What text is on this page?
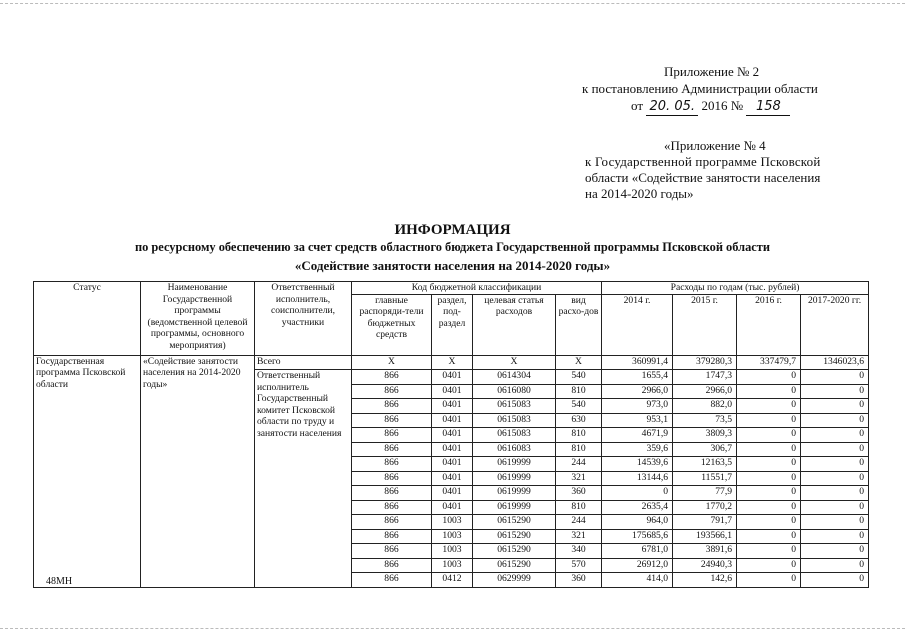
Приложение № 2
к постановлению Администрации области
от 20. 05. 2016 № 158
«Приложение № 4
к Государственной программе Псковской
области «Содействие занятости населения
на 2014-2020 годы»
ИНФОРМАЦИЯ
по ресурсному обеспечению за счет средств областного бюджета Государственной программы Псковской области
«Содействие занятости населения на 2014-2020 годы»
Статус	Наименование Государственной программы (ведомственной целевой программы, основного мероприятия)	Ответственный исполнитель, соисполнители, участники	Код бюджетной классификации				Расходы по годам (тыс. рублей)			
			главные распоряди-тели бюджетных средств	раздел, под-раздел	целевая статья расходов	вид расхо-дов	2014 г.	2015 г.	2016 г.	2017-2020 гг.
Государственная программа Псковской области	«Содействие занятости населения на 2014-2020 годы»	Всего	X	X	X	X	360991,4	379280,3	337479,7	1346023,6
		Ответственный исполнитель Государственный комитет Псковской области по труду и занятости населения	866	0401	0614304	540	1655,4	1747,3	0	0
			866	0401	0616080	810	2966,0	2966,0	0	0
			866	0401	0615083	540	973,0	882,0	0	0
			866	0401	0615083	630	953,1	73,5	0	0
			866	0401	0615083	810	4671,9	3809,3	0	0
			866	0401	0616083	810	359,6	306,7	0	0
			866	0401	0619999	244	14539,6	12163,5	0	0
			866	0401	0619999	321	13144,6	11551,7	0	0
			866	0401	0619999	360	0	77,9	0	0
			866	0401	0619999	810	2635,4	1770,2	0	0
			866	1003	0615290	244	964,0	791,7	0	0
			866	1003	0615290	321	175685,6	193566,1	0	0
			866	1003	0615290	340	6781,0	3891,6	0	0
			866	1003	0615290	570	26912,0	24940,3	0	0
			866	0412	0629999	360	414,0	142,6	0	0
48МН
